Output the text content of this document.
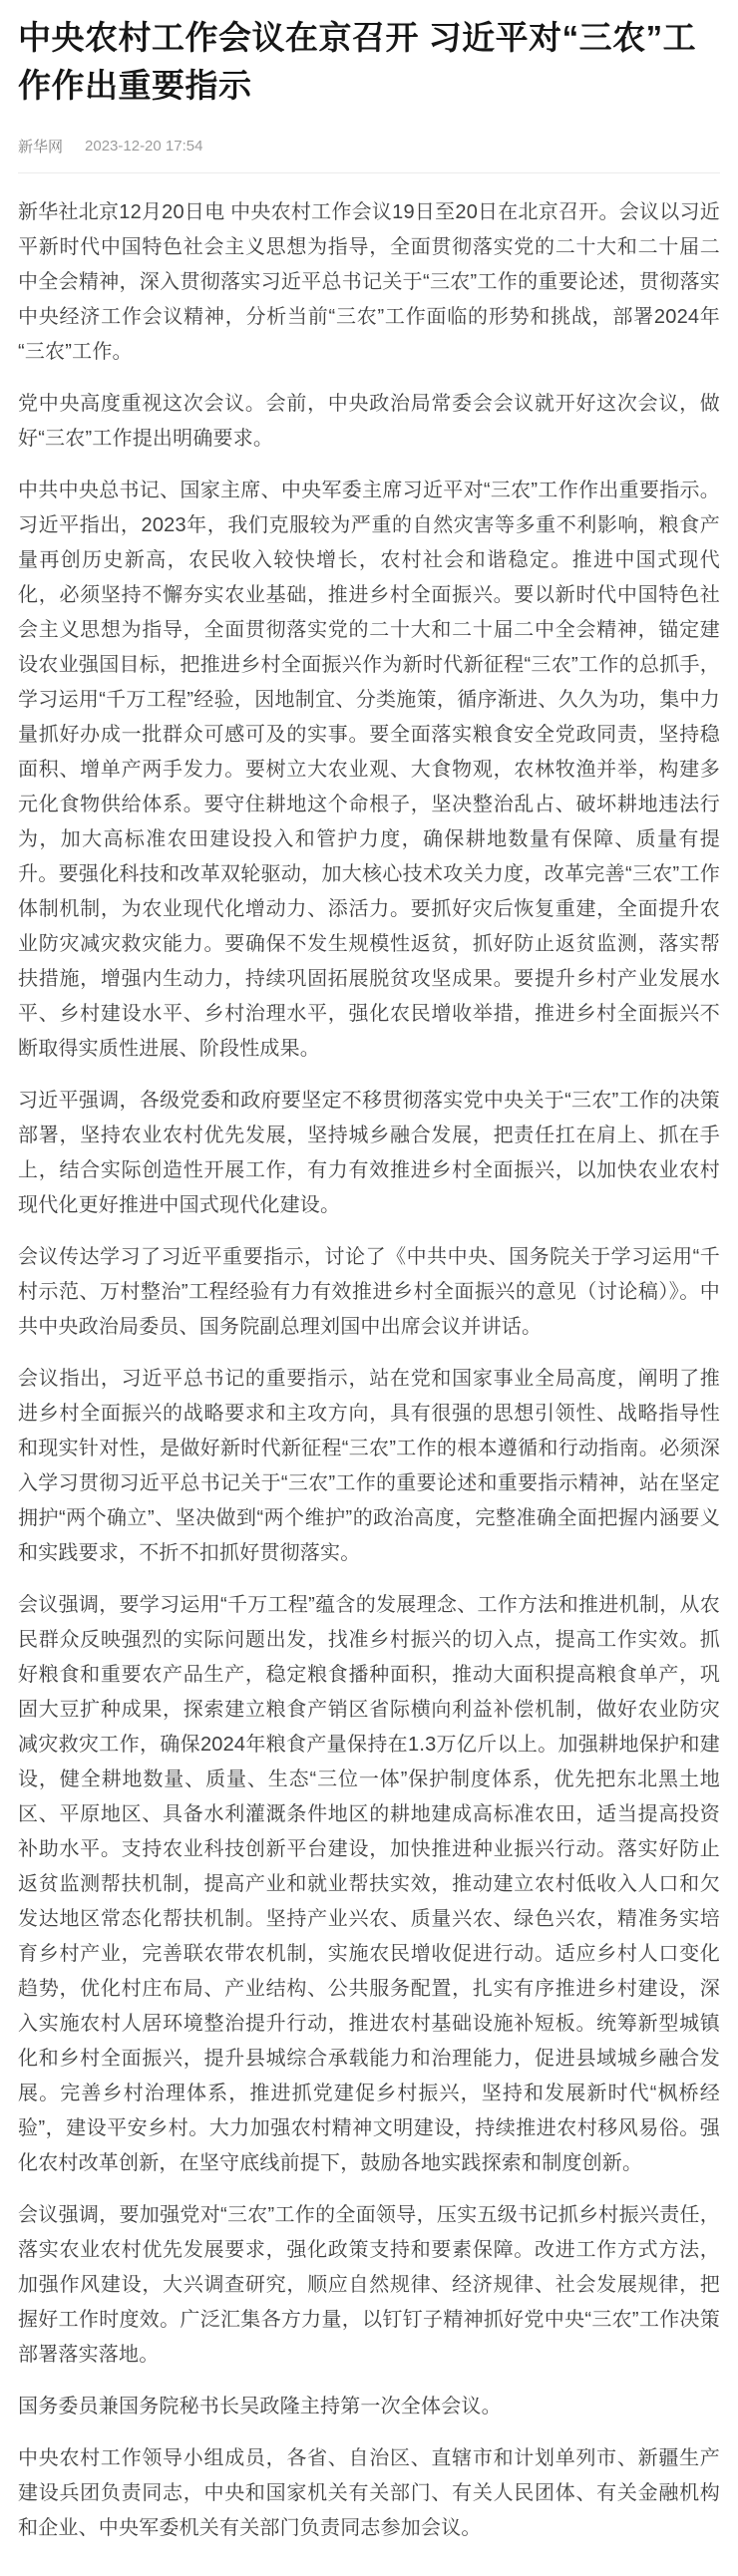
中央农村工作会议在京召开 习近平对“三农”工作作出重要指示
新华网 2023-12-20 17:54

新华社北京12月20日电 中央农村工作会议19日至20日在北京召开。会议以习近平新时代中国特色社会主义思想为指导，全面贯彻落实党的二十大和二十届二中全会精神，深入贯彻落实习近平总书记关于“三农”工作的重要论述，贯彻落实中央经济工作会议精神，分析当前“三农”工作面临的形势和挑战，部署2024年“三农”工作。

党中央高度重视这次会议。会前，中央政治局常委会会议就开好这次会议，做好“三农”工作提出明确要求。

中共中央总书记、国家主席、中央军委主席习近平对“三农”工作作出重要指示。习近平指出，2023年，我们克服较为严重的自然灾害等多重不利影响，粮食产量再创历史新高，农民收入较快增长，农村社会和谐稳定。推进中国式现代化，必须坚持不懈夯实农业基础，推进乡村全面振兴。要以新时代中国特色社会主义思想为指导，全面贯彻落实党的二十大和二十届二中全会精神，锚定建设农业强国目标，把推进乡村全面振兴作为新时代新征程“三农”工作的总抓手，学习运用“千万工程”经验，因地制宜、分类施策，循序渐进、久久为功，集中力量抓好办成一批群众可感可及的实事。要全面落实粮食安全党政同责，坚持稳面积、增单产两手发力。要树立大农业观、大食物观，农林牧渔并举，构建多元化食物供给体系。要守住耕地这个命根子，坚决整治乱占、破坏耕地违法行为，加大高标准农田建设投入和管护力度，确保耕地数量有保障、质量有提升。要强化科技和改革双轮驱动，加大核心技术攻关力度，改革完善“三农”工作体制机制，为农业现代化增动力、添活力。要抓好灾后恢复重建，全面提升农业防灾减灾救灾能力。要确保不发生规模性返贫，抓好防止返贫监测，落实帮扶措施，增强内生动力，持续巩固拓展脱贫攻坚成果。要提升乡村产业发展水平、乡村建设水平、乡村治理水平，强化农民增收举措，推进乡村全面振兴不断取得实质性进展、阶段性成果。

习近平强调，各级党委和政府要坚定不移贯彻落实党中央关于“三农”工作的决策部署，坚持农业农村优先发展，坚持城乡融合发展，把责任扛在肩上、抓在手上，结合实际创造性开展工作，有力有效推进乡村全面振兴，以加快农业农村现代化更好推进中国式现代化建设。

会议传达学习了习近平重要指示，讨论了《中共中央、国务院关于学习运用“千村示范、万村整治”工程经验有力有效推进乡村全面振兴的意见（讨论稿）》。中共中央政治局委员、国务院副总理刘国中出席会议并讲话。

会议指出，习近平总书记的重要指示，站在党和国家事业全局高度，阐明了推进乡村全面振兴的战略要求和主攻方向，具有很强的思想引领性、战略指导性和现实针对性，是做好新时代新征程“三农”工作的根本遵循和行动指南。必须深入学习贯彻习近平总书记关于“三农”工作的重要论述和重要指示精神，站在坚定拥护“两个确立”、坚决做到“两个维护”的政治高度，完整准确全面把握内涵要义和实践要求，不折不扣抓好贯彻落实。

会议强调，要学习运用“千万工程”蕴含的发展理念、工作方法和推进机制，从农民群众反映强烈的实际问题出发，找准乡村振兴的切入点，提高工作实效。抓好粮食和重要农产品生产，稳定粮食播种面积，推动大面积提高粮食单产，巩固大豆扩种成果，探索建立粮食产销区省际横向利益补偿机制，做好农业防灾减灾救灾工作，确保2024年粮食产量保持在1.3万亿斤以上。加强耕地保护和建设，健全耕地数量、质量、生态“三位一体”保护制度体系，优先把东北黑土地区、平原地区、具备水利灌溉条件地区的耕地建成高标准农田，适当提高投资补助水平。支持农业科技创新平台建设，加快推进种业振兴行动。落实好防止返贫监测帮扶机制，提高产业和就业帮扶实效，推动建立农村低收入人口和欠发达地区常态化帮扶机制。坚持产业兴农、质量兴农、绿色兴农，精准务实培育乡村产业，完善联农带农机制，实施农民增收促进行动。适应乡村人口变化趋势，优化村庄布局、产业结构、公共服务配置，扎实有序推进乡村建设，深入实施农村人居环境整治提升行动，推进农村基础设施补短板。统筹新型城镇化和乡村全面振兴，提升县城综合承载能力和治理能力，促进县域城乡融合发展。完善乡村治理体系，推进抓党建促乡村振兴，坚持和发展新时代“枫桥经验”，建设平安乡村。大力加强农村精神文明建设，持续推进农村移风易俗。强化农村改革创新，在坚守底线前提下，鼓励各地实践探索和制度创新。

会议强调，要加强党对“三农”工作的全面领导，压实五级书记抓乡村振兴责任，落实农业农村优先发展要求，强化政策支持和要素保障。改进工作方式方法，加强作风建设，大兴调查研究，顺应自然规律、经济规律、社会发展规律，把握好工作时度效。广泛汇集各方力量，以钉钉子精神抓好党中央“三农”工作决策部署落实落地。

国务委员兼国务院秘书长吴政隆主持第一次全体会议。

中央农村工作领导小组成员，各省、自治区、直辖市和计划单列市、新疆生产建设兵团负责同志，中央和国家机关有关部门、有关人民团体、有关金融机构和企业、中央军委机关有关部门负责同志参加会议。
